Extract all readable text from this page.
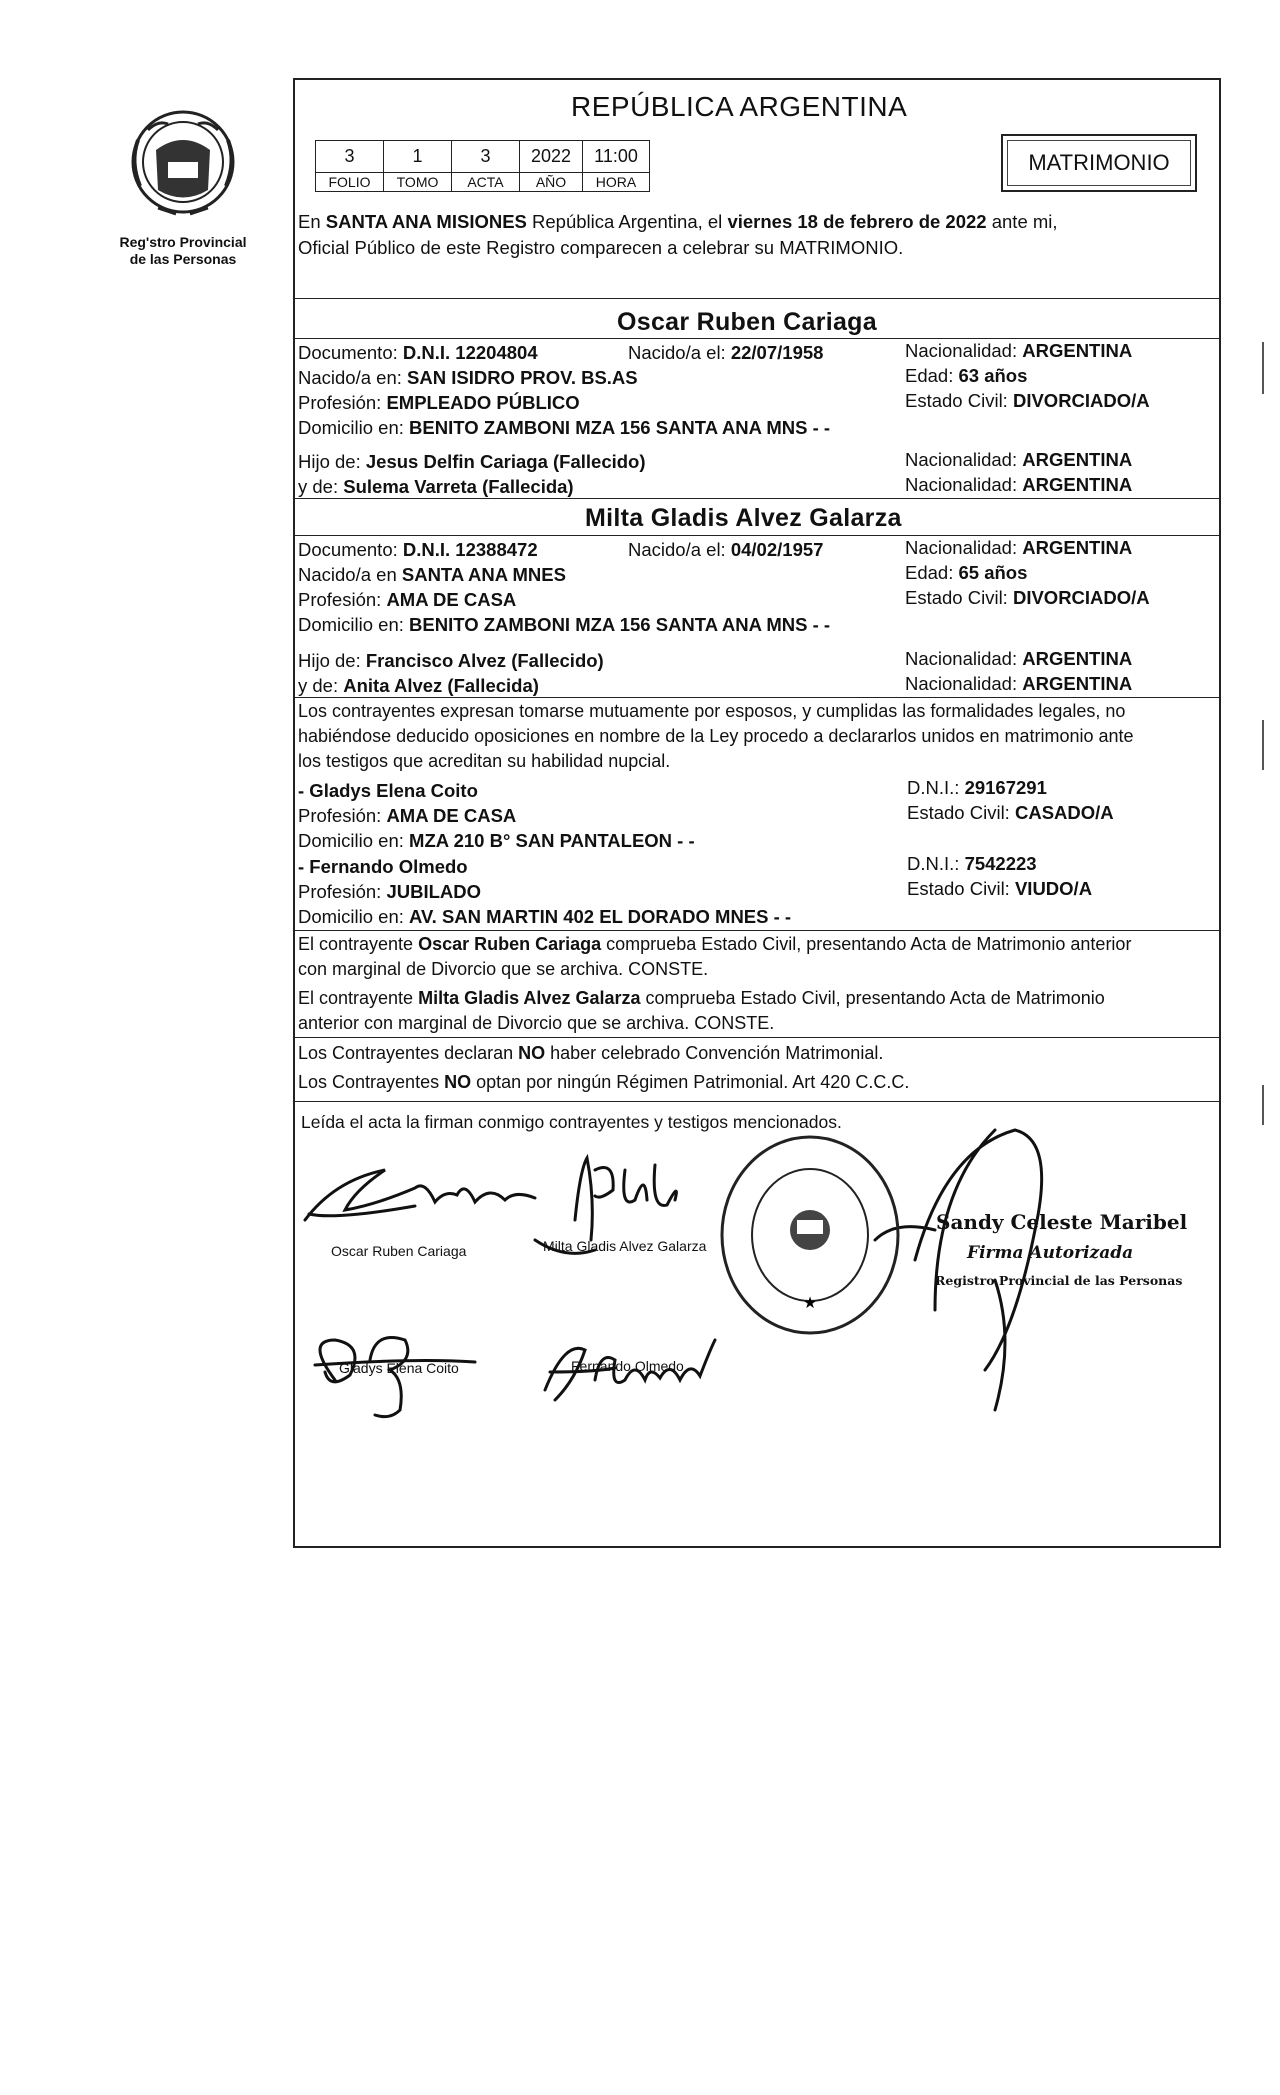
Reg'stro Provincial
de las Personas
REPÚBLICA ARGENTINA
3	1	3	2022	11:00
FOLIO	TOMO	ACTA	AÑO	HORA
MATRIMONIO
En SANTA ANA MISIONES República Argentina, el viernes 18 de febrero de 2022 ante mi,
Oficial Público de este Registro comparecen a celebrar su MATRIMONIO.
Oscar Ruben Cariaga
Documento: D.N.I. 12204804	Nacido/a el: 22/07/1958	Nacionalidad: ARGENTINA
Nacido/a en: SAN ISIDRO PROV. BS.AS	Edad: 63 años
Profesión: EMPLEADO PÚBLICO	Estado Civil: DIVORCIADO/A
Domicilio en: BENITO ZAMBONI MZA 156 SANTA ANA MNS - -
Hijo de: Jesus Delfin Cariaga (Fallecido)	Nacionalidad: ARGENTINA
y de: Sulema Varreta (Fallecida)	Nacionalidad: ARGENTINA
Milta Gladis Alvez Galarza
Documento: D.N.I. 12388472	Nacido/a el: 04/02/1957	Nacionalidad: ARGENTINA
Nacido/a en SANTA ANA MNES	Edad: 65 años
Profesión: AMA DE CASA	Estado Civil: DIVORCIADO/A
Domicilio en: BENITO ZAMBONI MZA 156 SANTA ANA MNS - -
Hijo de: Francisco Alvez (Fallecido)	Nacionalidad: ARGENTINA
y de: Anita Alvez (Fallecida)	Nacionalidad: ARGENTINA
Los contrayentes expresan tomarse mutuamente por esposos, y cumplidas las formalidades legales, no
habiéndose deducido oposiciones en nombre de la Ley procedo a declararlos unidos en matrimonio ante
los testigos que acreditan su habilidad nupcial.
- Gladys Elena Coito	D.N.I.: 29167291
Profesión: AMA DE CASA	Estado Civil: CASADO/A
Domicilio en: MZA 210 B° SAN PANTALEON - -
- Fernando Olmedo	D.N.I.: 7542223
Profesión: JUBILADO	Estado Civil: VIUDO/A
Domicilio en: AV. SAN MARTIN 402 EL DORADO MNES - -
El contrayente Oscar Ruben Cariaga comprueba Estado Civil, presentando Acta de Matrimonio anterior
con marginal de Divorcio que se archiva. CONSTE.
El contrayente Milta Gladis Alvez Galarza comprueba Estado Civil, presentando Acta de Matrimonio
anterior con marginal de Divorcio que se archiva. CONSTE.
Los Contrayentes declaran NO haber celebrado Convención Matrimonial.
Los Contrayentes NO optan por ningún Régimen Patrimonial. Art 420 C.C.C.
Leída el acta la firman conmigo contrayentes y testigos mencionados.
Oscar Ruben Cariaga	Milta Gladis Alvez Galarza
Gladys Elena Coito	Fernando Olmedo
★
Sandy Celeste Maribel
Firma Autorizada
Registro Provincial de las Personas
